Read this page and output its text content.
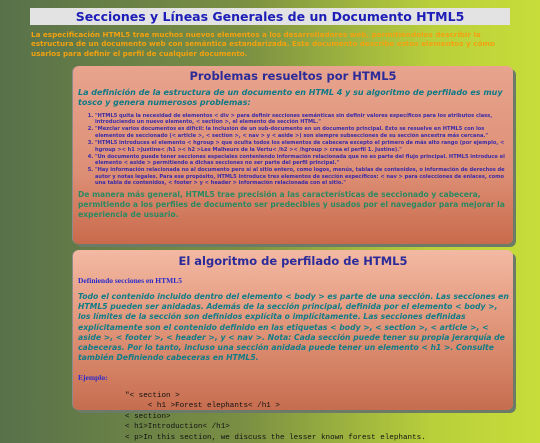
Secciones y Líneas Generales de un Documento HTML5
La especificación HTML5 trae muchos nuevos elementos a los desarrolladores web, permitiéndoles describir la estructura de un documento web con semántica estandarizada. Este documento describe estos elementos y cómo usarlos para definir el perfil de cualquier documento.
Problemas resueltos por HTML5
La definición de la estructura de un documento en HTML 4 y su algoritmo de perfilado es muy tosco y genera numerosos problemas:
1. "HTML5 quita la necesidad de elementos < div > para definir secciones semánticas sin definir valores específicos para los atributos class, introduciendo un nuevo elemento, < section >, el elemento de sección HTML."
2. "Mezclar varios documentos es difícil: la inclusión de un sub-documento en un documento principal. Esto se resuelve en HTML5 con los elementos de seccionado (< article >, < section >, < nav > y < aside >) son siempre subsecciones de su sección ancestra más cercana."
3. "HTML5 introduces el elemento < hgroup > que oculta todos los elementos de cabecera excepto el primero de más alto rango (por ejemplo, < hgroup >< h1 >Justine< /h1 >< h2 >Les Malheurs de la Vertu< /h2 >< /hgroup > crea el perfil 1. Justine)."
4. "Un documento puede tener secciones especiales conteniendo información relacionada que no es parte del flujo principal. HTML5 introduce el elemento < aside > permitiendo a dichas secciones no ser parte del perfil principal."
5. "Hay información relacionada no al documento pero sí al sitio entero, como logos, menús, tablas de contenidos, o información de derechos de autor y notas legales. Para ese propósito, HTML5 introduce tres elementos de sección específicos: < nav > para colecciones de enlaces, como una tabla de contenidos, < footer > y < header > información relacionada con el sitio."
De manera más general, HTML5 trae precisión a las características de seccionado y cabecera, permitiendo a los perfiles de documento ser predecibles y usados por el navegador para mejorar la experiencia de usuario.
El algoritmo de perfilado de HTML5
Definiendo secciones en HTML5
Todo el contenido incluido dentro del elemento < body > es parte de una sección. Las secciones en HTML5 pueden ser anidadas. Además de la sección principal, definida por el elemento < body >, los límites de la sección son definidos explícita o implícitamente. Las secciones definidas explícitamente son el contenido definido en las etiquetas < body >, < section >, < article >, < aside >, < footer >, < header >, y < nav >. Nota: Cada sección puede tener su propia jerarquía de cabeceras. Por lo tanto, incluso una sección anidada puede tener un elemento < h1 >. Consulte también Definiendo cabeceras en HTML5.
Ejemplo:
"< section >
< h1 >Forest elephants< /h1 >
< section>
< h1>Introduction< /h1>
< p>In this section, we discuss the lesser known forest elephants.
